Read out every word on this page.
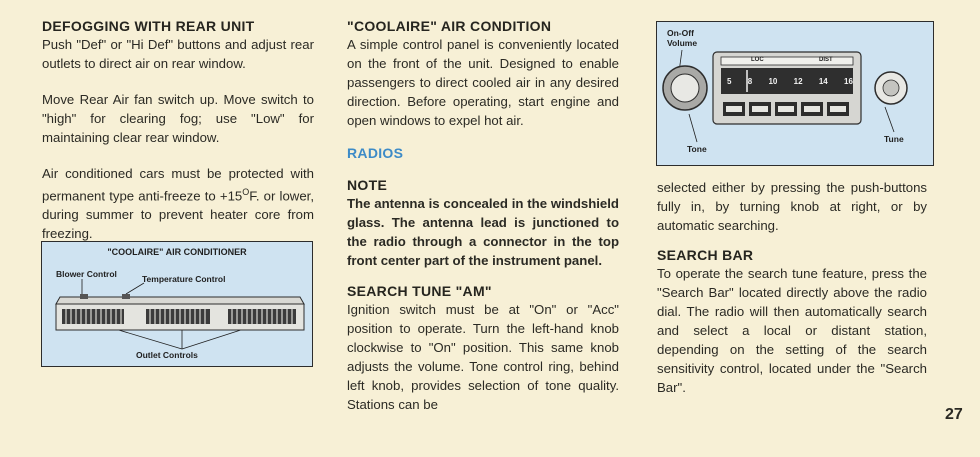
DEFOGGING WITH REAR UNIT

Push "Def" or "Hi Def" buttons and adjust rear outlets to direct air on rear window.

Move Rear Air fan switch up. Move switch to "high" for clearing fog; use "Low" for maintaining clear rear window.

Air conditioned cars must be protected with permanent type anti-freeze to $+15^OF$. or lower, during summer to prevent heater core from freezing.

"COOLAIRE" AIR CONDITIONER
Blower Control	Temperature Control
Outlet Controls
"COOLAIRE" AIR CONDITION

A simple control panel is conveniently located on the front of the unit. Designed to enable passengers to direct cooled air in any desired direction. Before operating, start engine and open windows to expel hot air.

RADIOS
NOTE

The antenna is concealed in the windshield glass. The antenna lead is junctioned to the radio through a connector in the top front center part of the instrument panel.

SEARCH TUNE "AM"

Ignition switch must be at "On" or "Acc" position to operate. Turn the left-hand knob clockwise to "On" position. This same knob adjusts the volume. Tone control ring, behind left knob, provides selection of tone quality. Stations can be

On-Off
Volume
Tone
Tune
LOC	DIST
5 8 10 12 14 16

selected either by pressing the push-buttons fully in, by turning knob at right, or by automatic searching.

SEARCH BAR

To operate the search tune feature, press the "Search Bar" located directly above the radio dial. The radio will then automatically search and select a local or distant station, depending on the setting of the search sensitivity control, located under the "Search Bar".

27
